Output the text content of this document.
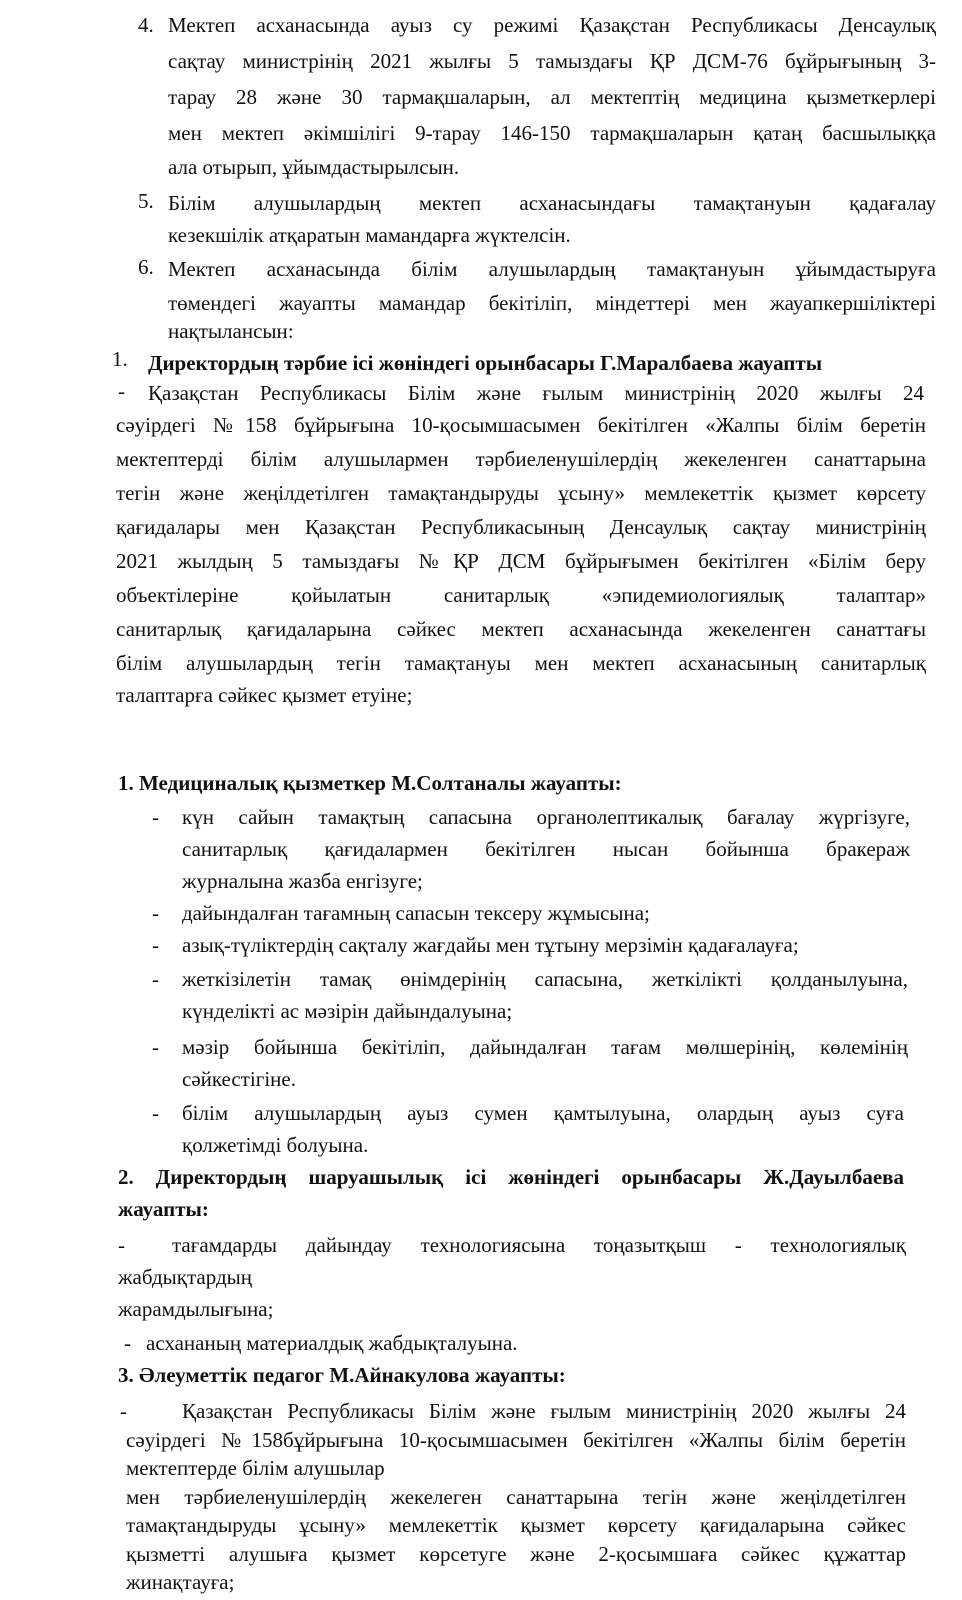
4. Мектеп асханасында ауыз су режимі Қазақстан Республикасы Денсаулық
сақтау министрінің 2021 жылғы 5 тамыздағы ҚР ДСМ-76 бұйрығының 3-
тарау 28 және 30 тармақшаларын, ал мектептің медицина қызметкерлері
мен мектеп әкімшілігі 9-тарау 146-150 тармақшаларын қатаң басшылыққа
ала отырып, ұйымдастырылсын.
5. Білім алушылардың мектеп асханасындағы тамақтануын қадағалау
кезекшілік атқаратын мамандарға жүктелсін.
6. Мектеп асханасында білім алушылардың тамақтануын ұйымдастыруға
төмендегі жауапты мамандар бекітіліп, міндеттері мен жауапкершіліктері
нақтылансын:
1. Директордың тәрбие ісі жөніндегі орынбасары Г.Маралбаева жауапты
- Қазақстан Республикасы Білім және ғылым министрінің 2020 жылғы 24
сәуірдегі №158 бұйрығына 10-қосымшасымен бекітілген «Жалпы білім беретін
мектептерді білім алушылармен тәрбиеленушілердің жекеленген санаттарына
тегін және жеңілдетілген тамақтандыруды ұсыну» мемлекеттік қызмет көрсету
қағидалары мен Қазақстан Республикасының Денсаулық сақтау министрінің
2021 жылдың 5 тамыздағы №ҚР ДСМ бұйрығымен бекітілген «Білім беру
объектілеріне қойылатын санитарлық «эпидемиологиялық талаптар»
санитарлық қағидаларына сәйкес мектеп асханасында жекеленген санаттағы
білім алушылардың тегін тамақтануы мен мектеп асханасының санитарлық
талаптарға сәйкес қызмет етуіне;
1. Медициналық қызметкер М.Солтаналы жауапты:
- күн сайын тамақтың сапасына органолептикалық бағалау жүргізуге,
санитарлық қағидалармен бекітілген нысан бойынша бракераж
журналына жазба енгізуге;
- дайындалған тағамның сапасын тексеру жұмысына;
- азық-түліктердің сақталу жағдайы мен тұтыну мерзімін қадағалауға;
- жеткізілетін тамақ өнімдерінің сапасына, жеткілікті қолданылуына,
күнделікті ас мәзірін дайындалуына;
- мәзір бойынша бекітіліп, дайындалған тағам мөлшерінің, көлемінің
сәйкестігіне.
- білім алушылардың ауыз сумен қамтылуына, олардың ауыз суға
қолжетімді болуына.
2. Директордың шаруашылық ісі жөніндегі орынбасары Ж.Дауылбаева
жауапты:
- тағамдарды дайындау технологиясына тоңазытқыш - технологиялық
жабдықтардың
жарамдылығына;
- асхананың материалдық жабдықталуына.
3. Әлеуметтік педагог М.Айнакулова жауапты:
-	Қазақстан Республикасы Білім және ғылым министрінің 2020 жылғы 24
сәуірдегі №158бұйрығына 10-қосымшасымен бекітілген «Жалпы білім беретін
мектептерде білім алушылар
мен тәрбиеленушілердің жекелеген санаттарына тегін және жеңілдетілген
тамақтандыруды ұсыну» мемлекеттік қызмет көрсету қағидаларына сәйкес
қызметті алушыға қызмет көрсетуге және 2-қосымшаға сәйкес құжаттар
жинақтауға;
